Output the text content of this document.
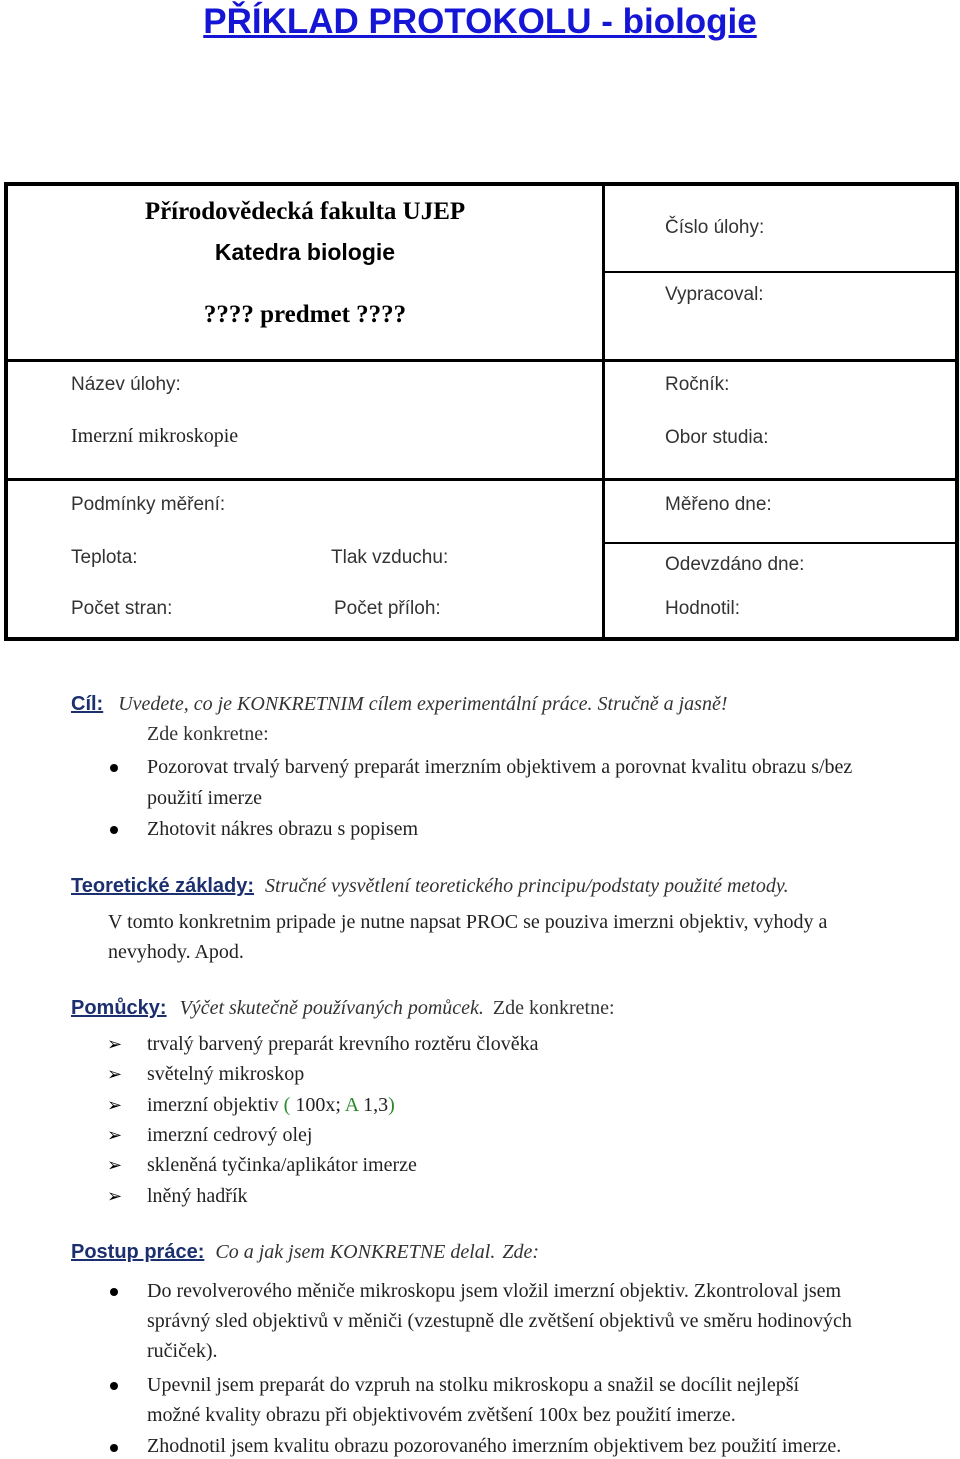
PŘÍKLAD PROTOKOLU - biologie
Přírodovědecká fakulta UJEP
Katedra biologie
???? predmet ????
Číslo úlohy:
Vypracoval:
Název úlohy:
Imerzní mikroskopie
Ročník:
Obor studia:
Podmínky měření:	Měřeno dne:
Teplota:	Tlak vzduchu:	Odevzdáno dne:
Počet stran:	Počet příloh:	Hodnotil:
Cíl: Uvedete, co je KONKRETNIM cílem experimentální práce. Stručně a jasně!
Zde konkretne:
Pozorovat trvalý barvený preparát imerzním objektivem a porovnat kvalitu obrazu s/bez
použití imerze
Zhotovit nákres obrazu s popisem
Teoretické základy: Stručné vysvětlení teoretického principu/podstaty použité metody.
V tomto konkretnim pripade je nutne napsat PROC se pouziva imerzni objektiv, vyhody a
nevyhody. Apod.
Pomůcky: Výčet skutečně používaných pomůcek. Zde konkretne:
➢ trvalý barvený preparát krevního roztěru člověka
➢ světelný mikroskop
➢ imerzní objektiv ( 100x; A 1,3)
➢ imerzní cedrový olej
➢ skleněná tyčinka/aplikátor imerze
➢ lněný hadřík
Postup práce: Co a jak jsem KONKRETNE delal. Zde:
Do revolverového měniče mikroskopu jsem vložil imerzní objektiv. Zkontroloval jsem
správný sled objektivů v měniči (vzestupně dle zvětšení objektivů ve směru hodinových
ručiček).
Upevnil jsem preparát do vzpruh na stolku mikroskopu a snažil se docílit nejlepší
možné kvality obrazu při objektivovém zvětšení 100x bez použití imerze.
Zhodnotil jsem kvalitu obrazu pozorovaného imerzním objektivem bez použití imerze.
